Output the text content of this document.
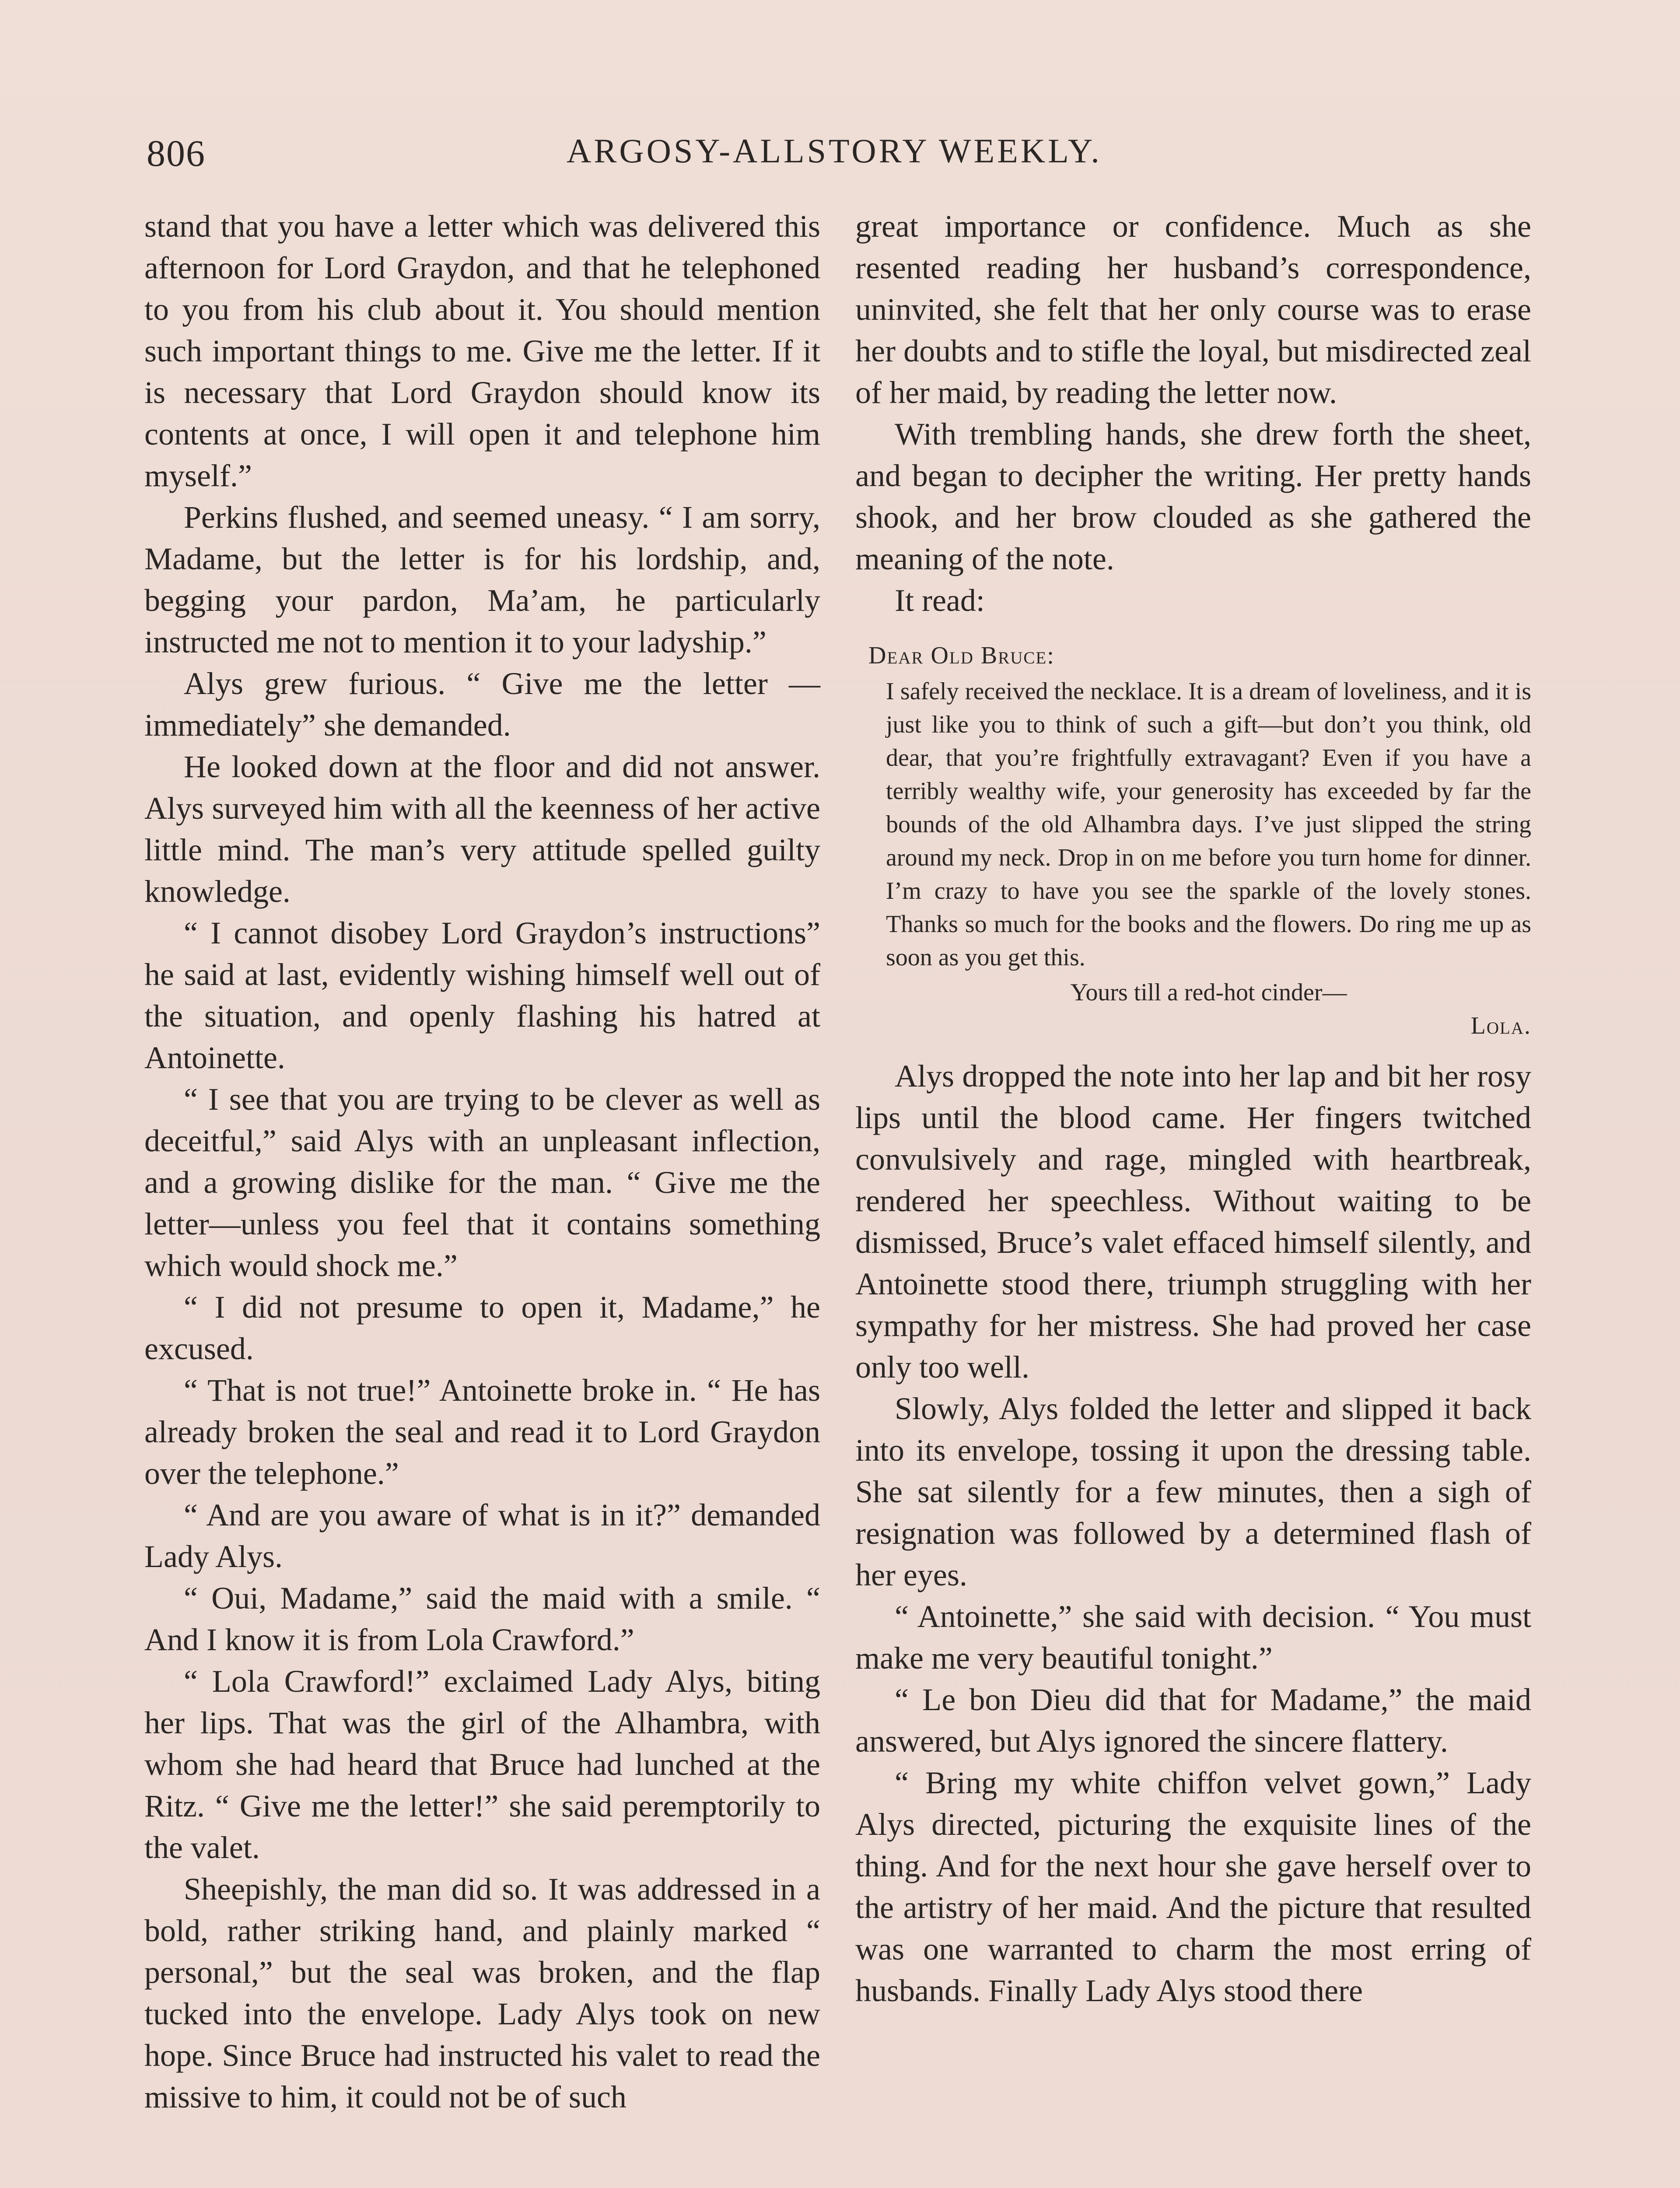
806	ARGOSY-ALLSTORY WEEKLY.

stand that you have a letter which was delivered this afternoon for Lord Graydon, and that he telephoned to you from his club about it. You should mention such important things to me. Give me the letter. If it is necessary that Lord Graydon should know its contents at once, I will open it and telephone him myself.”

Perkins flushed, and seemed uneasy. “ I am sorry, Madame, but the letter is for his lordship, and, begging your pardon, Ma’am, he particularly instructed me not to mention it to your ladyship.”

Alys grew furious. “ Give me the letter —immediately” she demanded.

He looked down at the floor and did not answer. Alys surveyed him with all the keenness of her active little mind. The man’s very attitude spelled guilty knowledge.

“ I cannot disobey Lord Graydon’s instructions” he said at last, evidently wishing himself well out of the situation, and openly flashing his hatred at Antoinette.

“ I see that you are trying to be clever as well as deceitful,” said Alys with an unpleasant inflection, and a growing dislike for the man. “ Give me the letter—unless you feel that it contains something which would shock me.”

“ I did not presume to open it, Madame,” he excused.

“ That is not true!” Antoinette broke in. “ He has already broken the seal and read it to Lord Graydon over the telephone.”

“ And are you aware of what is in it?” demanded Lady Alys.

“ Oui, Madame,” said the maid with a smile. “ And I know it is from Lola Crawford.”

“ Lola Crawford!” exclaimed Lady Alys, biting her lips. That was the girl of the Alhambra, with whom she had heard that Bruce had lunched at the Ritz. “ Give me the letter!” she said peremptorily to the valet.

Sheepishly, the man did so. It was addressed in a bold, rather striking hand, and plainly marked “ personal,” but the seal was broken, and the flap tucked into the envelope. Lady Alys took on new hope. Since Bruce had instructed his valet to read the missive to him, it could not be of such

great importance or confidence. Much as she resented reading her husband’s correspondence, uninvited, she felt that her only course was to erase her doubts and to stifle the loyal, but misdirected zeal of her maid, by reading the letter now.

With trembling hands, she drew forth the sheet, and began to decipher the writing. Her pretty hands shook, and her brow clouded as she gathered the meaning of the note.

It read:

Dear Old Bruce:
I safely received the necklace. It is a dream of loveliness, and it is just like you to think of such a gift—but don’t you think, old dear, that you’re frightfully extravagant? Even if you have a terribly wealthy wife, your generosity has exceeded by far the bounds of the old Alhambra days. I’ve just slipped the string around my neck. Drop in on me before you turn home for dinner. I’m crazy to have you see the sparkle of the lovely stones. Thanks so much for the books and the flowers. Do ring me up as soon as you get this.
Yours till a red-hot cinder—
Lola.

Alys dropped the note into her lap and bit her rosy lips until the blood came. Her fingers twitched convulsively and rage, mingled with heartbreak, rendered her speechless. Without waiting to be dismissed, Bruce’s valet effaced himself silently, and Antoinette stood there, triumph struggling with her sympathy for her mistress. She had proved her case only too well.

Slowly, Alys folded the letter and slipped it back into its envelope, tossing it upon the dressing table. She sat silently for a few minutes, then a sigh of resignation was followed by a determined flash of her eyes.

“ Antoinette,” she said with decision. “ You must make me very beautiful tonight.”

“ Le bon Dieu did that for Madame,” the maid answered, but Alys ignored the sincere flattery.

“ Bring my white chiffon velvet gown,” Lady Alys directed, picturing the exquisite lines of the thing. And for the next hour she gave herself over to the artistry of her maid. And the picture that resulted was one warranted to charm the most erring of husbands. Finally Lady Alys stood there
